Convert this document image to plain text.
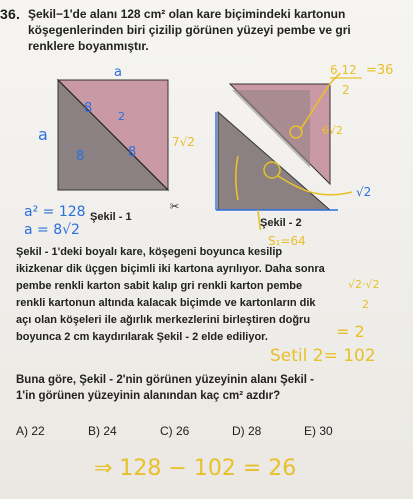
36. Şekil−1'de alanı 128 cm² olan kare biçimindeki kartonun
köşegenlerinden biri çizilip görünen yüzeyi pembe ve gri
renklere boyanmıştır.
✂
a
a
8
2
8	8
a² = 128 Şekil - 1	Şekil - 2
7√2
6√2
6.12
2
=36
√2
a = 8√2
S₁=64
Şekil - 1'deki boyalı kare, köşegeni boyunca kesilip
ikizkenar dik üçgen biçimli iki kartona ayrılıyor. Daha sonra
pembe renkli karton sabit kalıp gri renkli karton pembe
renkli kartonun altında kalacak biçimde ve kartonların dik
açı olan köşeleri ile ağırlık merkezlerini birleştiren doğru
boyunca 2 cm kaydırılarak Şekil - 2 elde ediliyor.
√2·√2
2
= 2
Setil 2= 102
Buna göre, Şekil - 2'nin görünen yüzeyinin alanı Şekil -
1'in görünen yüzeyinin alanından kaç cm² azdır?
A) 22	B) 24	C) 26	D) 28	E) 30
⇒ 128 − 102 = 26
